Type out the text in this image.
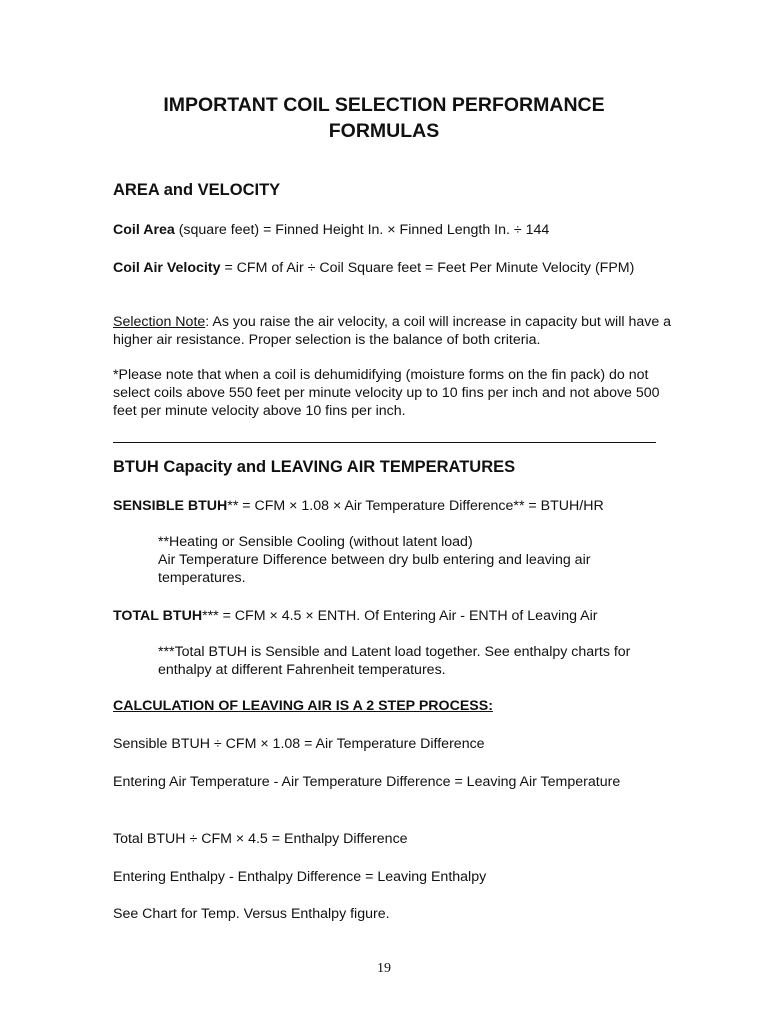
IMPORTANT COIL SELECTION PERFORMANCE
FORMULAS
AREA and VELOCITY

Coil Area (square feet) = Finned Height In. × Finned Length In. ÷ 144

Coil Air Velocity = CFM of Air ÷ Coil Square feet = Feet Per Minute Velocity (FPM)

Selection Note: As you raise the air velocity, a coil will increase in capacity but will have a higher air resistance. Proper selection is the balance of both criteria.

*Please note that when a coil is dehumidifying (moisture forms on the fin pack) do not select coils above 550 feet per minute velocity up to 10 fins per inch and not above 500 feet per minute velocity above 10 fins per inch.

BTUH Capacity and LEAVING AIR TEMPERATURES

SENSIBLE BTUH** = CFM × 1.08 × Air Temperature Difference** = BTUH/HR

**Heating or Sensible Cooling (without latent load)
Air Temperature Difference between dry bulb entering and leaving air temperatures.

TOTAL BTUH*** = CFM × 4.5 × ENTH. Of Entering Air - ENTH of Leaving Air

***Total BTUH is Sensible and Latent load together. See enthalpy charts for enthalpy at different Fahrenheit temperatures.

CALCULATION OF LEAVING AIR IS A 2 STEP PROCESS:

Sensible BTUH ÷ CFM × 1.08 = Air Temperature Difference

Entering Air Temperature - Air Temperature Difference = Leaving Air Temperature

Total BTUH ÷ CFM × 4.5 = Enthalpy Difference

Entering Enthalpy - Enthalpy Difference = Leaving Enthalpy

See Chart for Temp. Versus Enthalpy figure.

19
